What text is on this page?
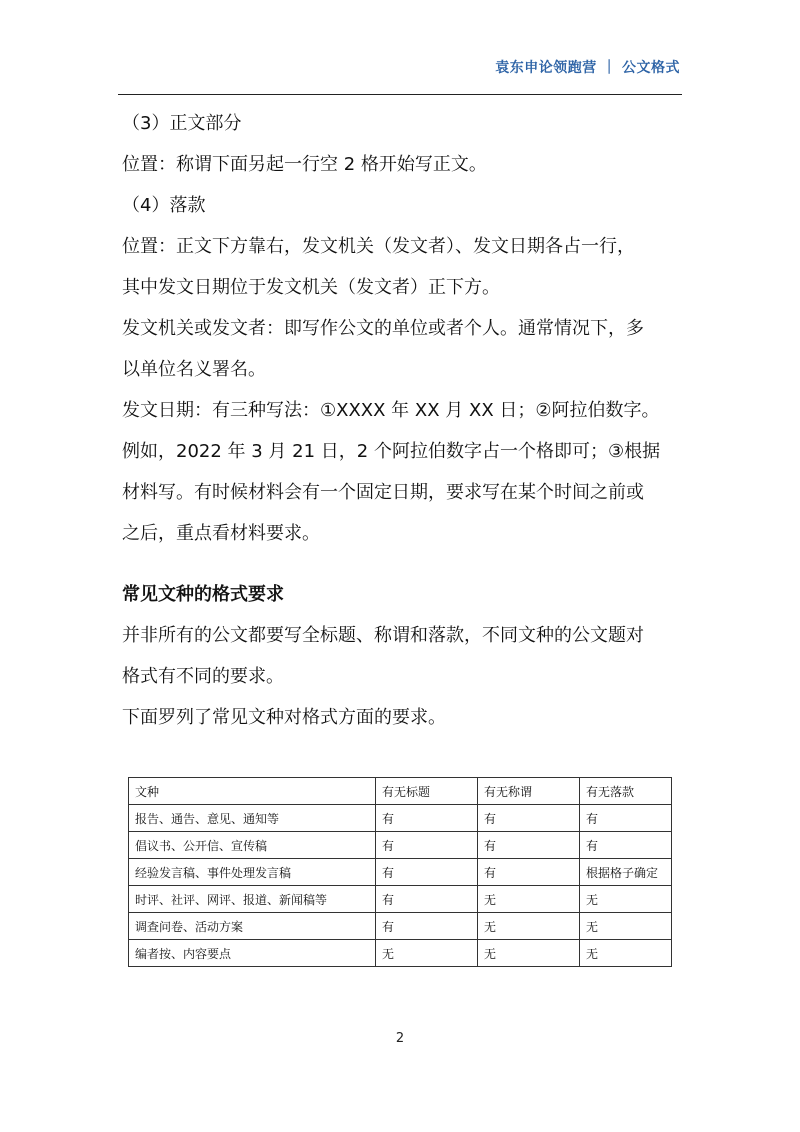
袁东申论领跑营 ｜ 公文格式
（3）正文部分
位置：称谓下面另起一行空 2 格开始写正文。
（4）落款
位置：正文下方靠右，发文机关（发文者）、发文日期各占一行，
其中发文日期位于发文机关（发文者）正下方。
发文机关或发文者：即写作公文的单位或者个人。通常情况下，多
以单位名义署名。
发文日期：有三种写法：①XXXX 年 XX 月 XX 日；②阿拉伯数字。
例如，2022 年 3 月 21 日，2 个阿拉伯数字占一个格即可；③根据
材料写。有时候材料会有一个固定日期，要求写在某个时间之前或
之后，重点看材料要求。
常见文种的格式要求
并非所有的公文都要写全标题、称谓和落款，不同文种的公文题对
格式有不同的要求。
下面罗列了常见文种对格式方面的要求。
文种	有无标题	有无称谓	有无落款
报告、通告、意见、通知等	有	有	有
倡议书、公开信、宣传稿	有	有	有
经验发言稿、事件处理发言稿	有	有	根据格子确定
时评、社评、网评、报道、新闻稿等	有	无	无
调查问卷、活动方案	有	无	无
编者按、内容要点	无	无	无
2
